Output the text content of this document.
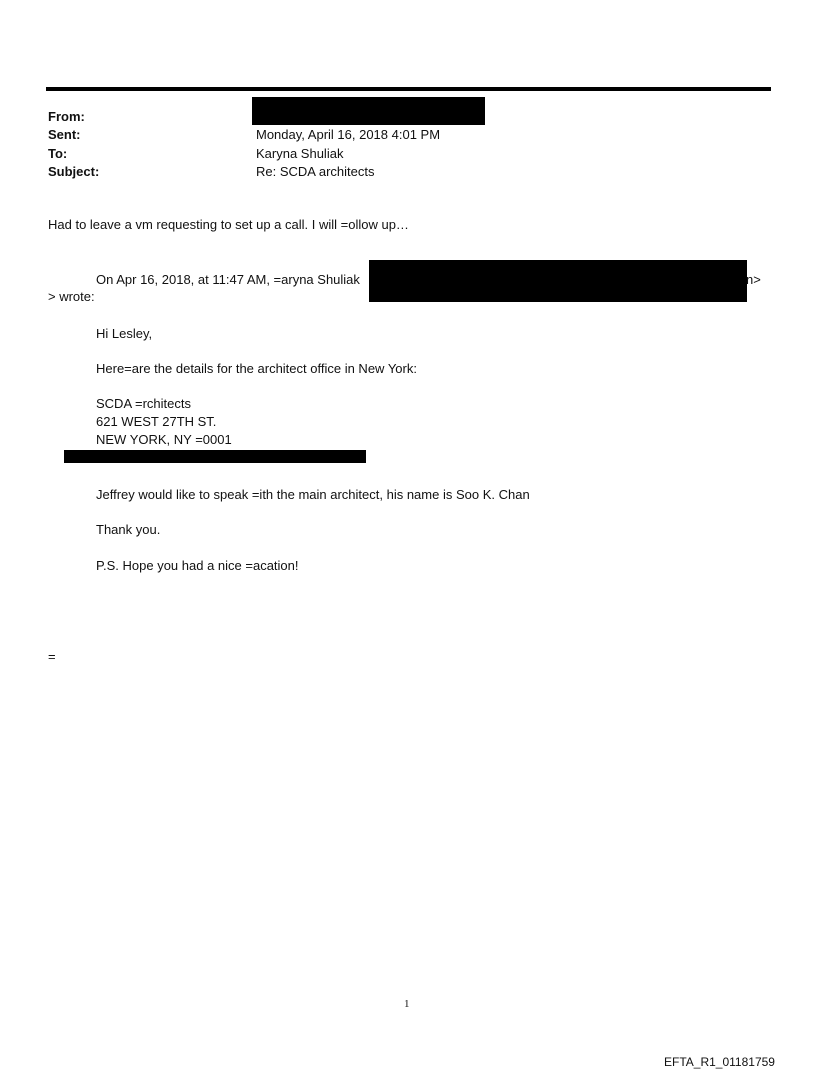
From:
Sent:
To:
Subject:
Monday, April 16, 2018 4:01 PM
Karyna Shuliak
Re: SCDA architects
Had to leave a vm requesting to set up a call. I will =ollow up…
On Apr 16, 2018, at 11:47 AM, =aryna Shuliak	n>
> wrote:
Hi Lesley,
Here=are the details for the architect office in New York:
SCDA =rchitects
621 WEST 27TH ST.
NEW YORK, NY =0001
Jeffrey would like to speak =ith the main architect, his name is Soo K. Chan
Thank you.
P.S. Hope you had a nice =acation!
=
1
EFTA_R1_01181759
